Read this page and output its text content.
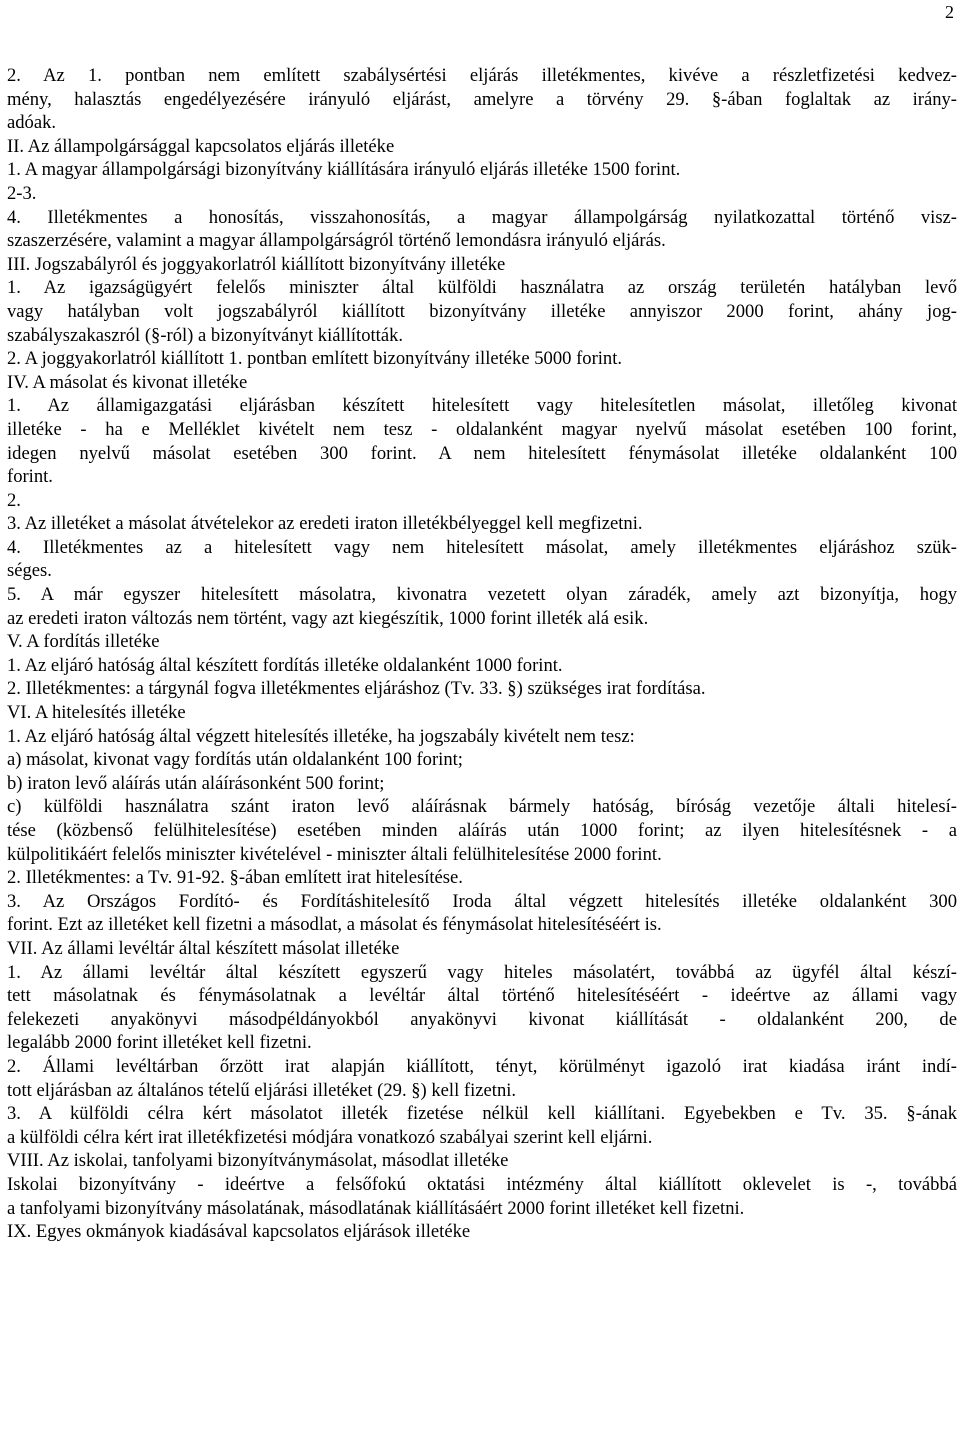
2
2. Az 1. pontban nem említett szabálysértési eljárás illetékmentes, kivéve a részletfizetési kedvez-
mény, halasztás engedélyezésére irányuló eljárást, amelyre a törvény 29. §-ában foglaltak az irány-
adóak.
II. Az állampolgársággal kapcsolatos eljárás illetéke
1. A magyar állampolgársági bizonyítvány kiállítására irányuló eljárás illetéke 1500 forint.
2-3.
4. Illetékmentes a honosítás, visszahonosítás, a magyar állampolgárság nyilatkozattal történő visz-
szaszerzésére, valamint a magyar állampolgárságról történő lemondásra irányuló eljárás.
III. Jogszabályról és joggyakorlatról kiállított bizonyítvány illetéke
1. Az igazságügyért felelős miniszter által külföldi használatra az ország területén hatályban levő
vagy hatályban volt jogszabályról kiállított bizonyítvány illetéke annyiszor 2000 forint, ahány jog-
szabályszakaszról (§-ról) a bizonyítványt kiállították.
2. A joggyakorlatról kiállított 1. pontban említett bizonyítvány illetéke 5000 forint.
IV. A másolat és kivonat illetéke
1. Az államigazgatási eljárásban készített hitelesített vagy hitelesítetlen másolat, illetőleg kivonat
illetéke - ha e Melléklet kivételt nem tesz - oldalanként magyar nyelvű másolat esetében 100 forint,
idegen nyelvű másolat esetében 300 forint. A nem hitelesített fénymásolat illetéke oldalanként 100
forint.
2.
3. Az illetéket a másolat átvételekor az eredeti iraton illetékbélyeggel kell megfizetni.
4. Illetékmentes az a hitelesített vagy nem hitelesített másolat, amely illetékmentes eljáráshoz szük-
séges.
5. A már egyszer hitelesített másolatra, kivonatra vezetett olyan záradék, amely azt bizonyítja, hogy
az eredeti iraton változás nem történt, vagy azt kiegészítik, 1000 forint illeték alá esik.
V. A fordítás illetéke
1. Az eljáró hatóság által készített fordítás illetéke oldalanként 1000 forint.
2. Illetékmentes: a tárgynál fogva illetékmentes eljáráshoz (Tv. 33. §) szükséges irat fordítása.
VI. A hitelesítés illetéke
1. Az eljáró hatóság által végzett hitelesítés illetéke, ha jogszabály kivételt nem tesz:
a) másolat, kivonat vagy fordítás után oldalanként 100 forint;
b) iraton levő aláírás után aláírásonként 500 forint;
c) külföldi használatra szánt iraton levő aláírásnak bármely hatóság, bíróság vezetője általi hitelesí-
tése (közbenső felülhitelesítése) esetében minden aláírás után 1000 forint; az ilyen hitelesítésnek - a
külpolitikáért felelős miniszter kivételével - miniszter általi felülhitelesítése 2000 forint.
2. Illetékmentes: a Tv. 91-92. §-ában említett irat hitelesítése.
3. Az Országos Fordító- és Fordításhitelesítő Iroda által végzett hitelesítés illetéke oldalanként 300
forint. Ezt az illetéket kell fizetni a másodlat, a másolat és fénymásolat hitelesítéséért is.
VII. Az állami levéltár által készített másolat illetéke
1. Az állami levéltár által készített egyszerű vagy hiteles másolatért, továbbá az ügyfél által készí-
tett másolatnak és fénymásolatnak a levéltár által történő hitelesítéséért - ideértve az állami vagy
felekezeti anyakönyvi másodpéldányokból anyakönyvi kivonat kiállítását - oldalanként 200, de
legalább 2000 forint illetéket kell fizetni.
2. Állami levéltárban őrzött irat alapján kiállított, tényt, körülményt igazoló irat kiadása iránt indí-
tott eljárásban az általános tételű eljárási illetéket (29. §) kell fizetni.
3. A külföldi célra kért másolatot illeték fizetése nélkül kell kiállítani. Egyebekben e Tv. 35. §-ának
a külföldi célra kért irat illetékfizetési módjára vonatkozó szabályai szerint kell eljárni.
VIII. Az iskolai, tanfolyami bizonyítványmásolat, másodlat illetéke
Iskolai bizonyítvány - ideértve a felsőfokú oktatási intézmény által kiállított oklevelet is -, továbbá
a tanfolyami bizonyítvány másolatának, másodlatának kiállításáért 2000 forint illetéket kell fizetni.
IX. Egyes okmányok kiadásával kapcsolatos eljárások illetéke
